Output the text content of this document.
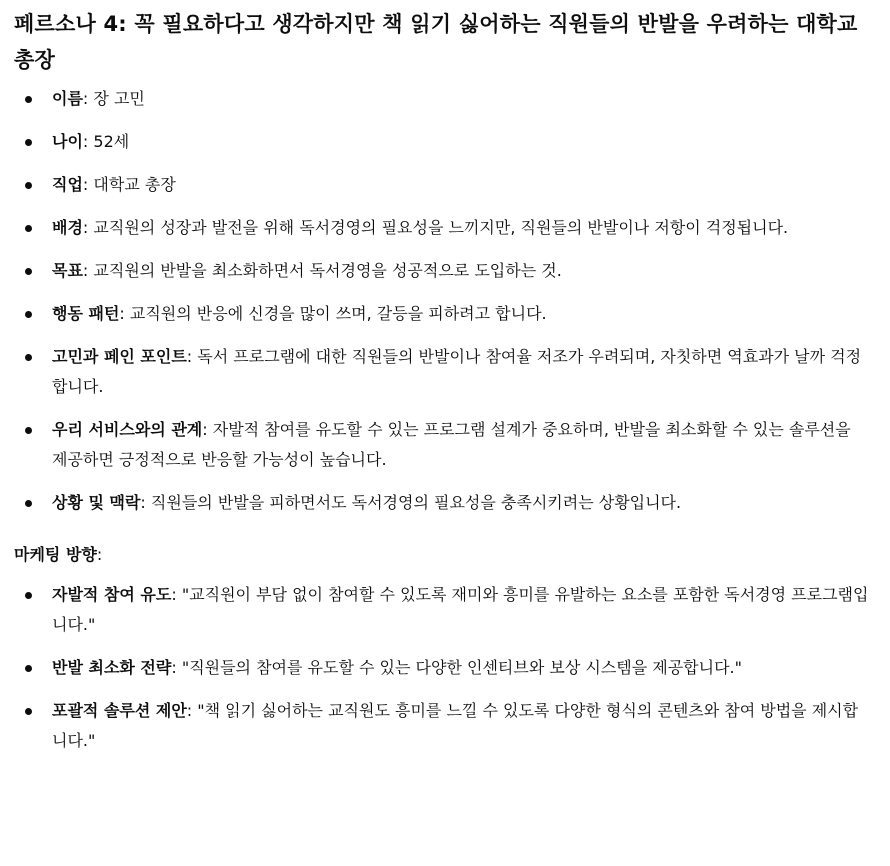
페르소나 4: 꼭 필요하다고 생각하지만 책 읽기 싫어하는 직원들의 반발을 우려하는 대학교 총장
이름: 장 고민
나이: 52세
직업: 대학교 총장
배경: 교직원의 성장과 발전을 위해 독서경영의 필요성을 느끼지만, 직원들의 반발이나 저항이 걱정됩니다.
목표: 교직원의 반발을 최소화하면서 독서경영을 성공적으로 도입하는 것.
행동 패턴: 교직원의 반응에 신경을 많이 쓰며, 갈등을 피하려고 합니다.
고민과 페인 포인트: 독서 프로그램에 대한 직원들의 반발이나 참여율 저조가 우려되며, 자칫하면 역효과가 날까 걱정합니다.
우리 서비스와의 관계: 자발적 참여를 유도할 수 있는 프로그램 설계가 중요하며, 반발을 최소화할 수 있는 솔루션을 제공하면 긍정적으로 반응할 가능성이 높습니다.
상황 및 맥락: 직원들의 반발을 피하면서도 독서경영의 필요성을 충족시키려는 상황입니다.

마케팅 방향:

자발적 참여 유도: "교직원이 부담 없이 참여할 수 있도록 재미와 흥미를 유발하는 요소를 포함한 독서경영 프로그램입니다."
반발 최소화 전략: "직원들의 참여를 유도할 수 있는 다양한 인센티브와 보상 시스템을 제공합니다."
포괄적 솔루션 제안: "책 읽기 싫어하는 교직원도 흥미를 느낄 수 있도록 다양한 형식의 콘텐츠와 참여 방법을 제시합니다."
